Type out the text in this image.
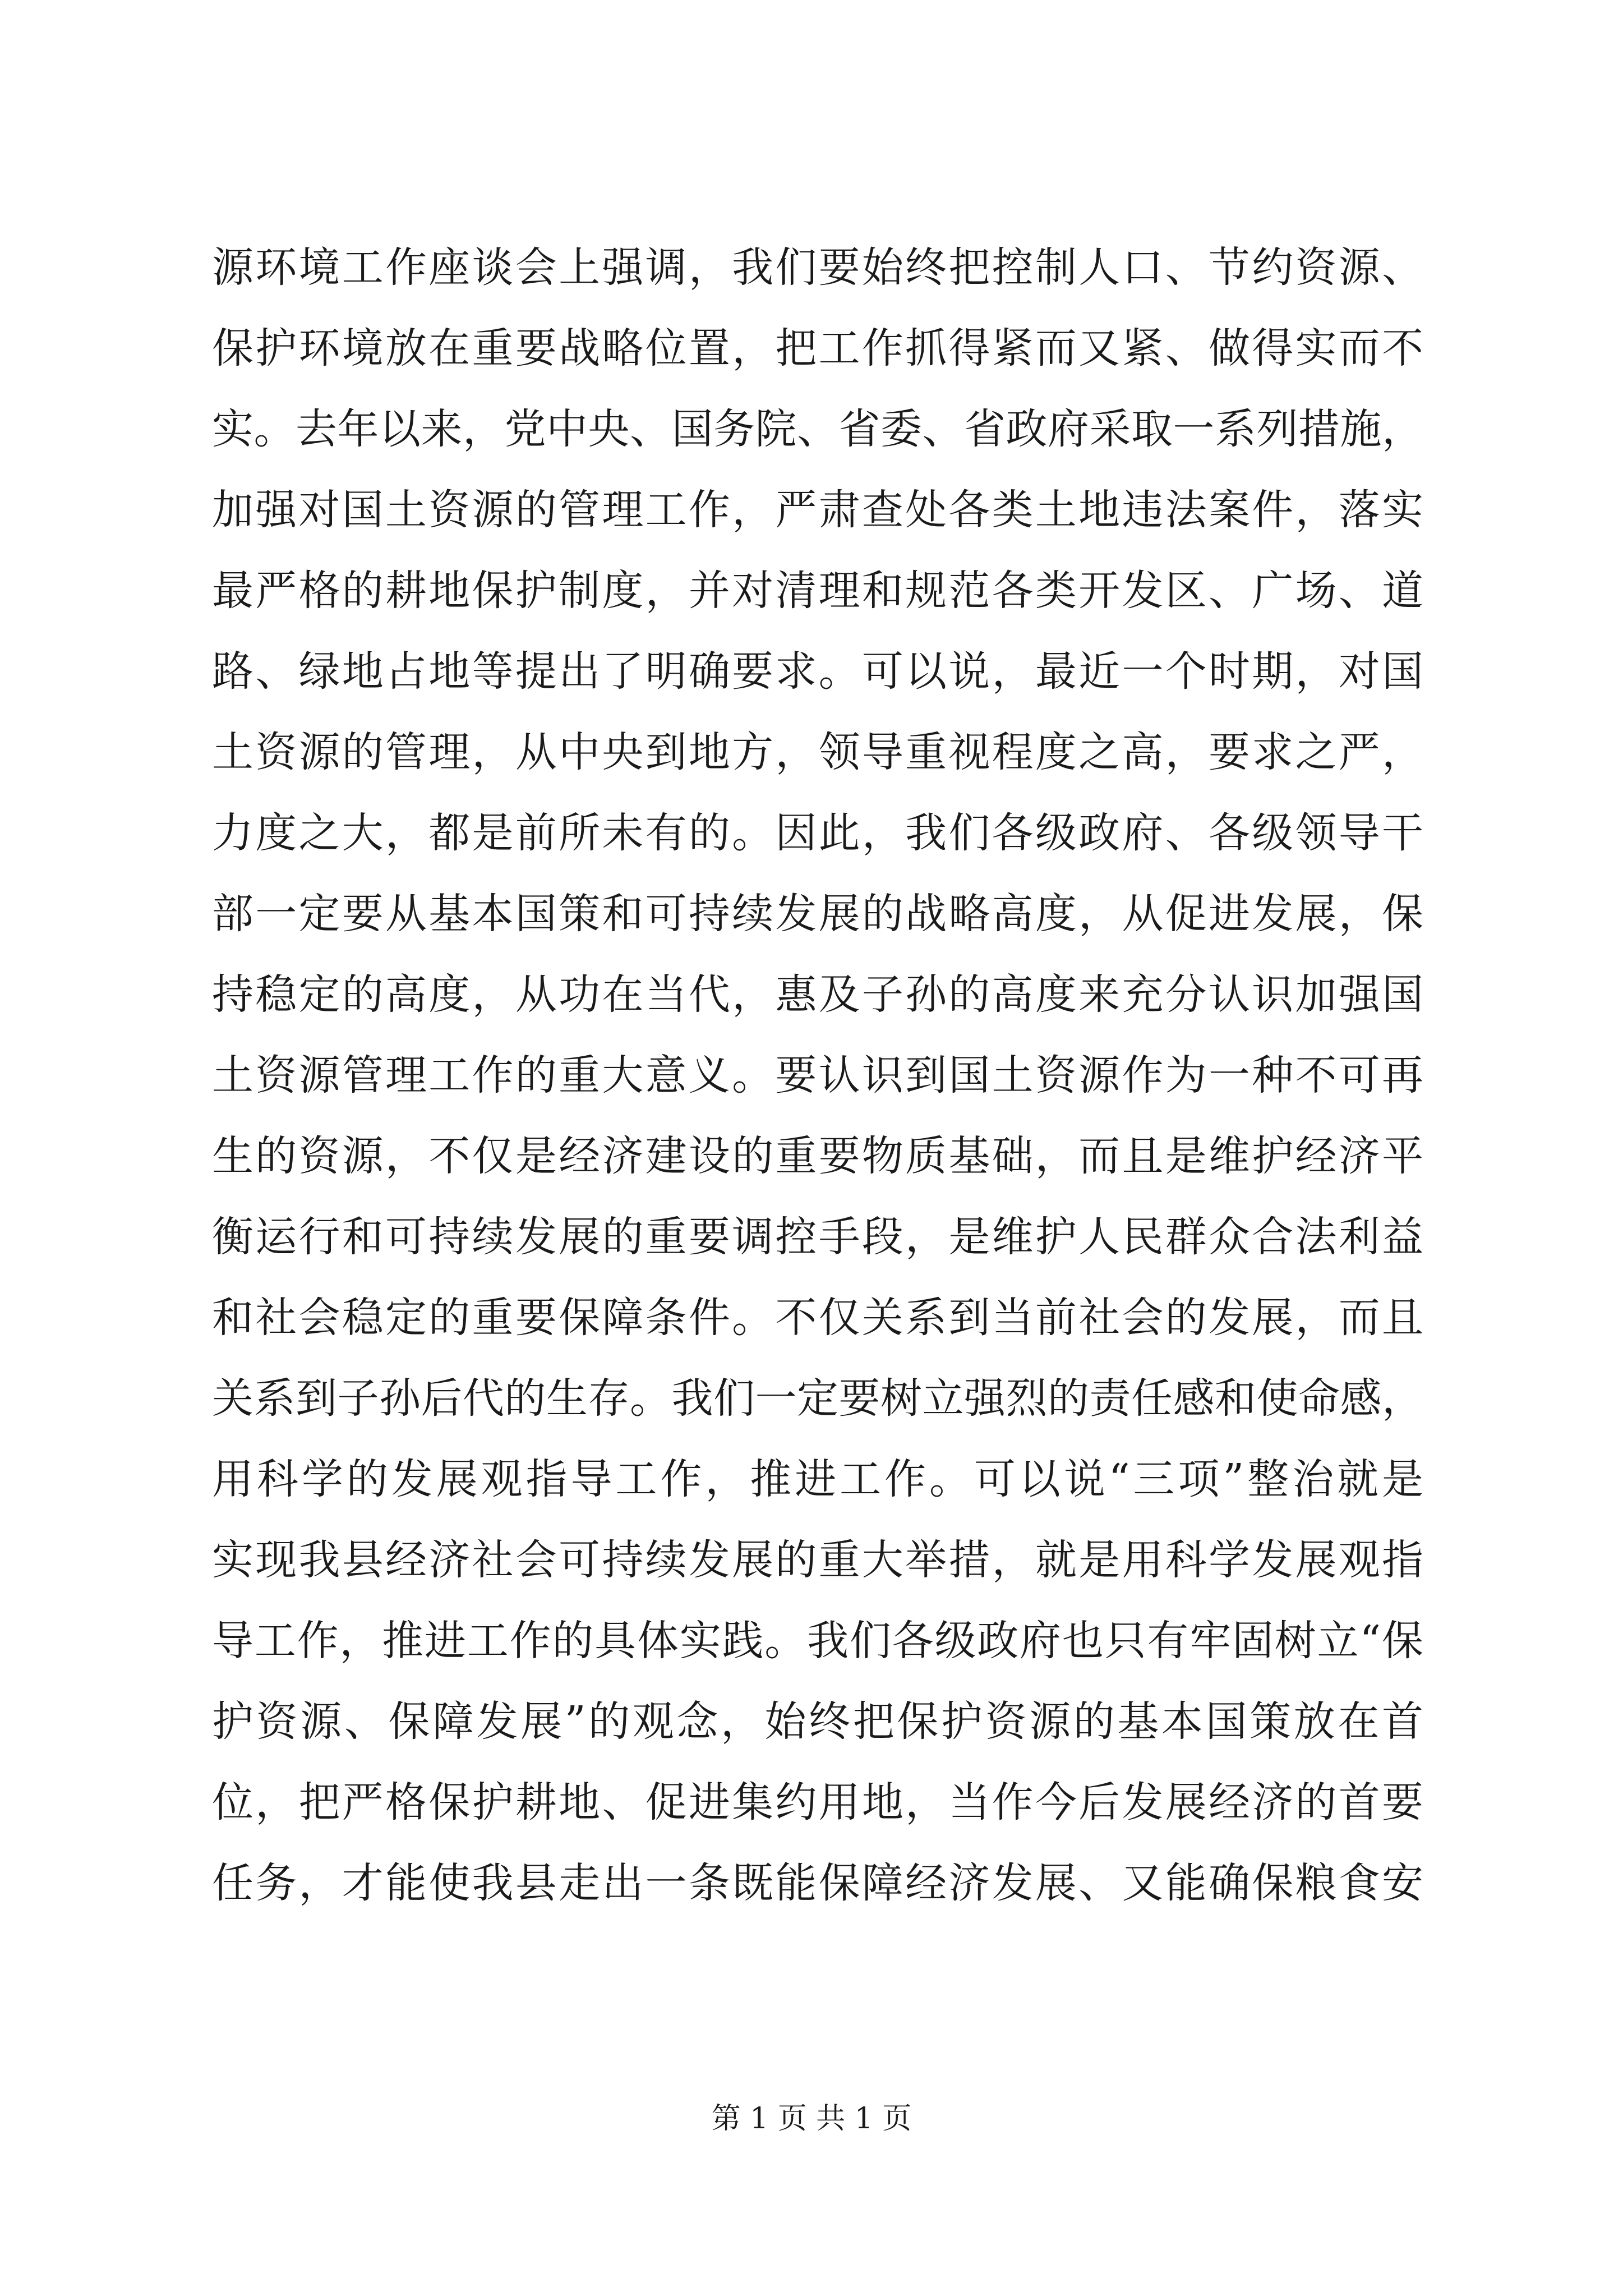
源环境工作座谈会上强调，我们要始终把控制人口、节约资源、
保护环境放在重要战略位置，把工作抓得紧而又紧、做得实而不
实。去年以来，党中央、国务院、省委、省政府采取一系列措施，
加强对国土资源的管理工作，严肃查处各类土地违法案件，落实
最严格的耕地保护制度，并对清理和规范各类开发区、广场、道
路、绿地占地等提出了明确要求。可以说，最近一个时期，对国
土资源的管理，从中央到地方，领导重视程度之高，要求之严，
力度之大，都是前所未有的。因此，我们各级政府、各级领导干
部一定要从基本国策和可持续发展的战略高度，从促进发展，保
持稳定的高度，从功在当代，惠及子孙的高度来充分认识加强国
土资源管理工作的重大意义。要认识到国土资源作为一种不可再
生的资源，不仅是经济建设的重要物质基础，而且是维护经济平
衡运行和可持续发展的重要调控手段，是维护人民群众合法利益
和社会稳定的重要保障条件。不仅关系到当前社会的发展，而且
关系到子孙后代的生存。我们一定要树立强烈的责任感和使命感，
用科学的发展观指导工作，推进工作。可以说“三项”整治就是
实现我县经济社会可持续发展的重大举措，就是用科学发展观指
导工作，推进工作的具体实践。我们各级政府也只有牢固树立“保
护资源、保障发展”的观念，始终把保护资源的基本国策放在首
位，把严格保护耕地、促进集约用地，当作今后发展经济的首要
任务，才能使我县走出一条既能保障经济发展、又能确保粮食安
第 1 页 共 1 页
